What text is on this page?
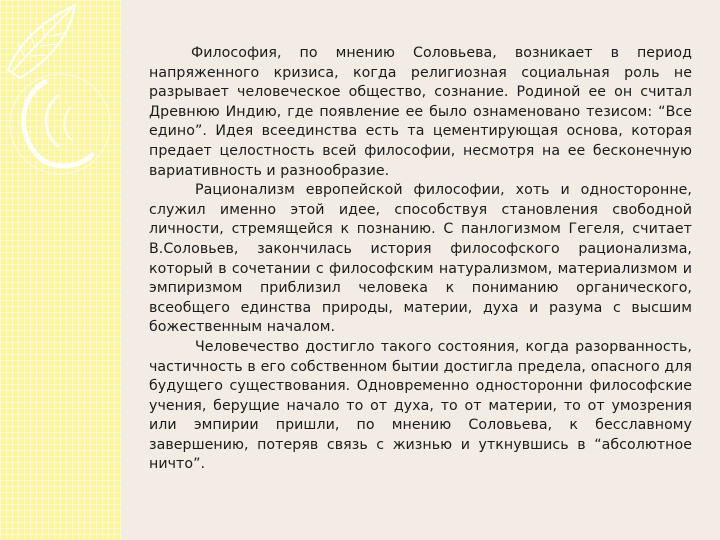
Философия, по мнению Соловьева, возникает в период напряженного кризиса, когда религиозная социальная роль не разрывает человеческое общество, сознание. Родиной ее он считал Древнюю Индию, где появление ее было ознаменовано тезисом: “Все едино”. Идея всеединства есть та цементирующая основа, которая предает целостность всей философии, несмотря на ее бесконечную вариативность и разнообразие.

Рационализм европейской философии, хоть и односторонне, служил именно этой идее, способствуя становления свободной личности, стремящейся к познанию. С панлогизмом Гегеля, считает В.Соловьев, закончилась история философского рационализма, который в сочетании с философским натурализмом, материализмом и эмпиризмом приблизил человека к пониманию органического, всеобщего единства природы, материи, духа и разума с высшим божественным началом.

Человечество достигло такого состояния, когда разорванность, частичность в его собственном бытии достигла предела, опасного для будущего существования. Одновременно односторонни философские учения, берущие начало то от духа, то от материи, то от умозрения или эмпирии пришли, по мнению Соловьева, к бесславному завершению, потеряв связь с жизнью и уткнувшись в “абсолютное ничто”.
